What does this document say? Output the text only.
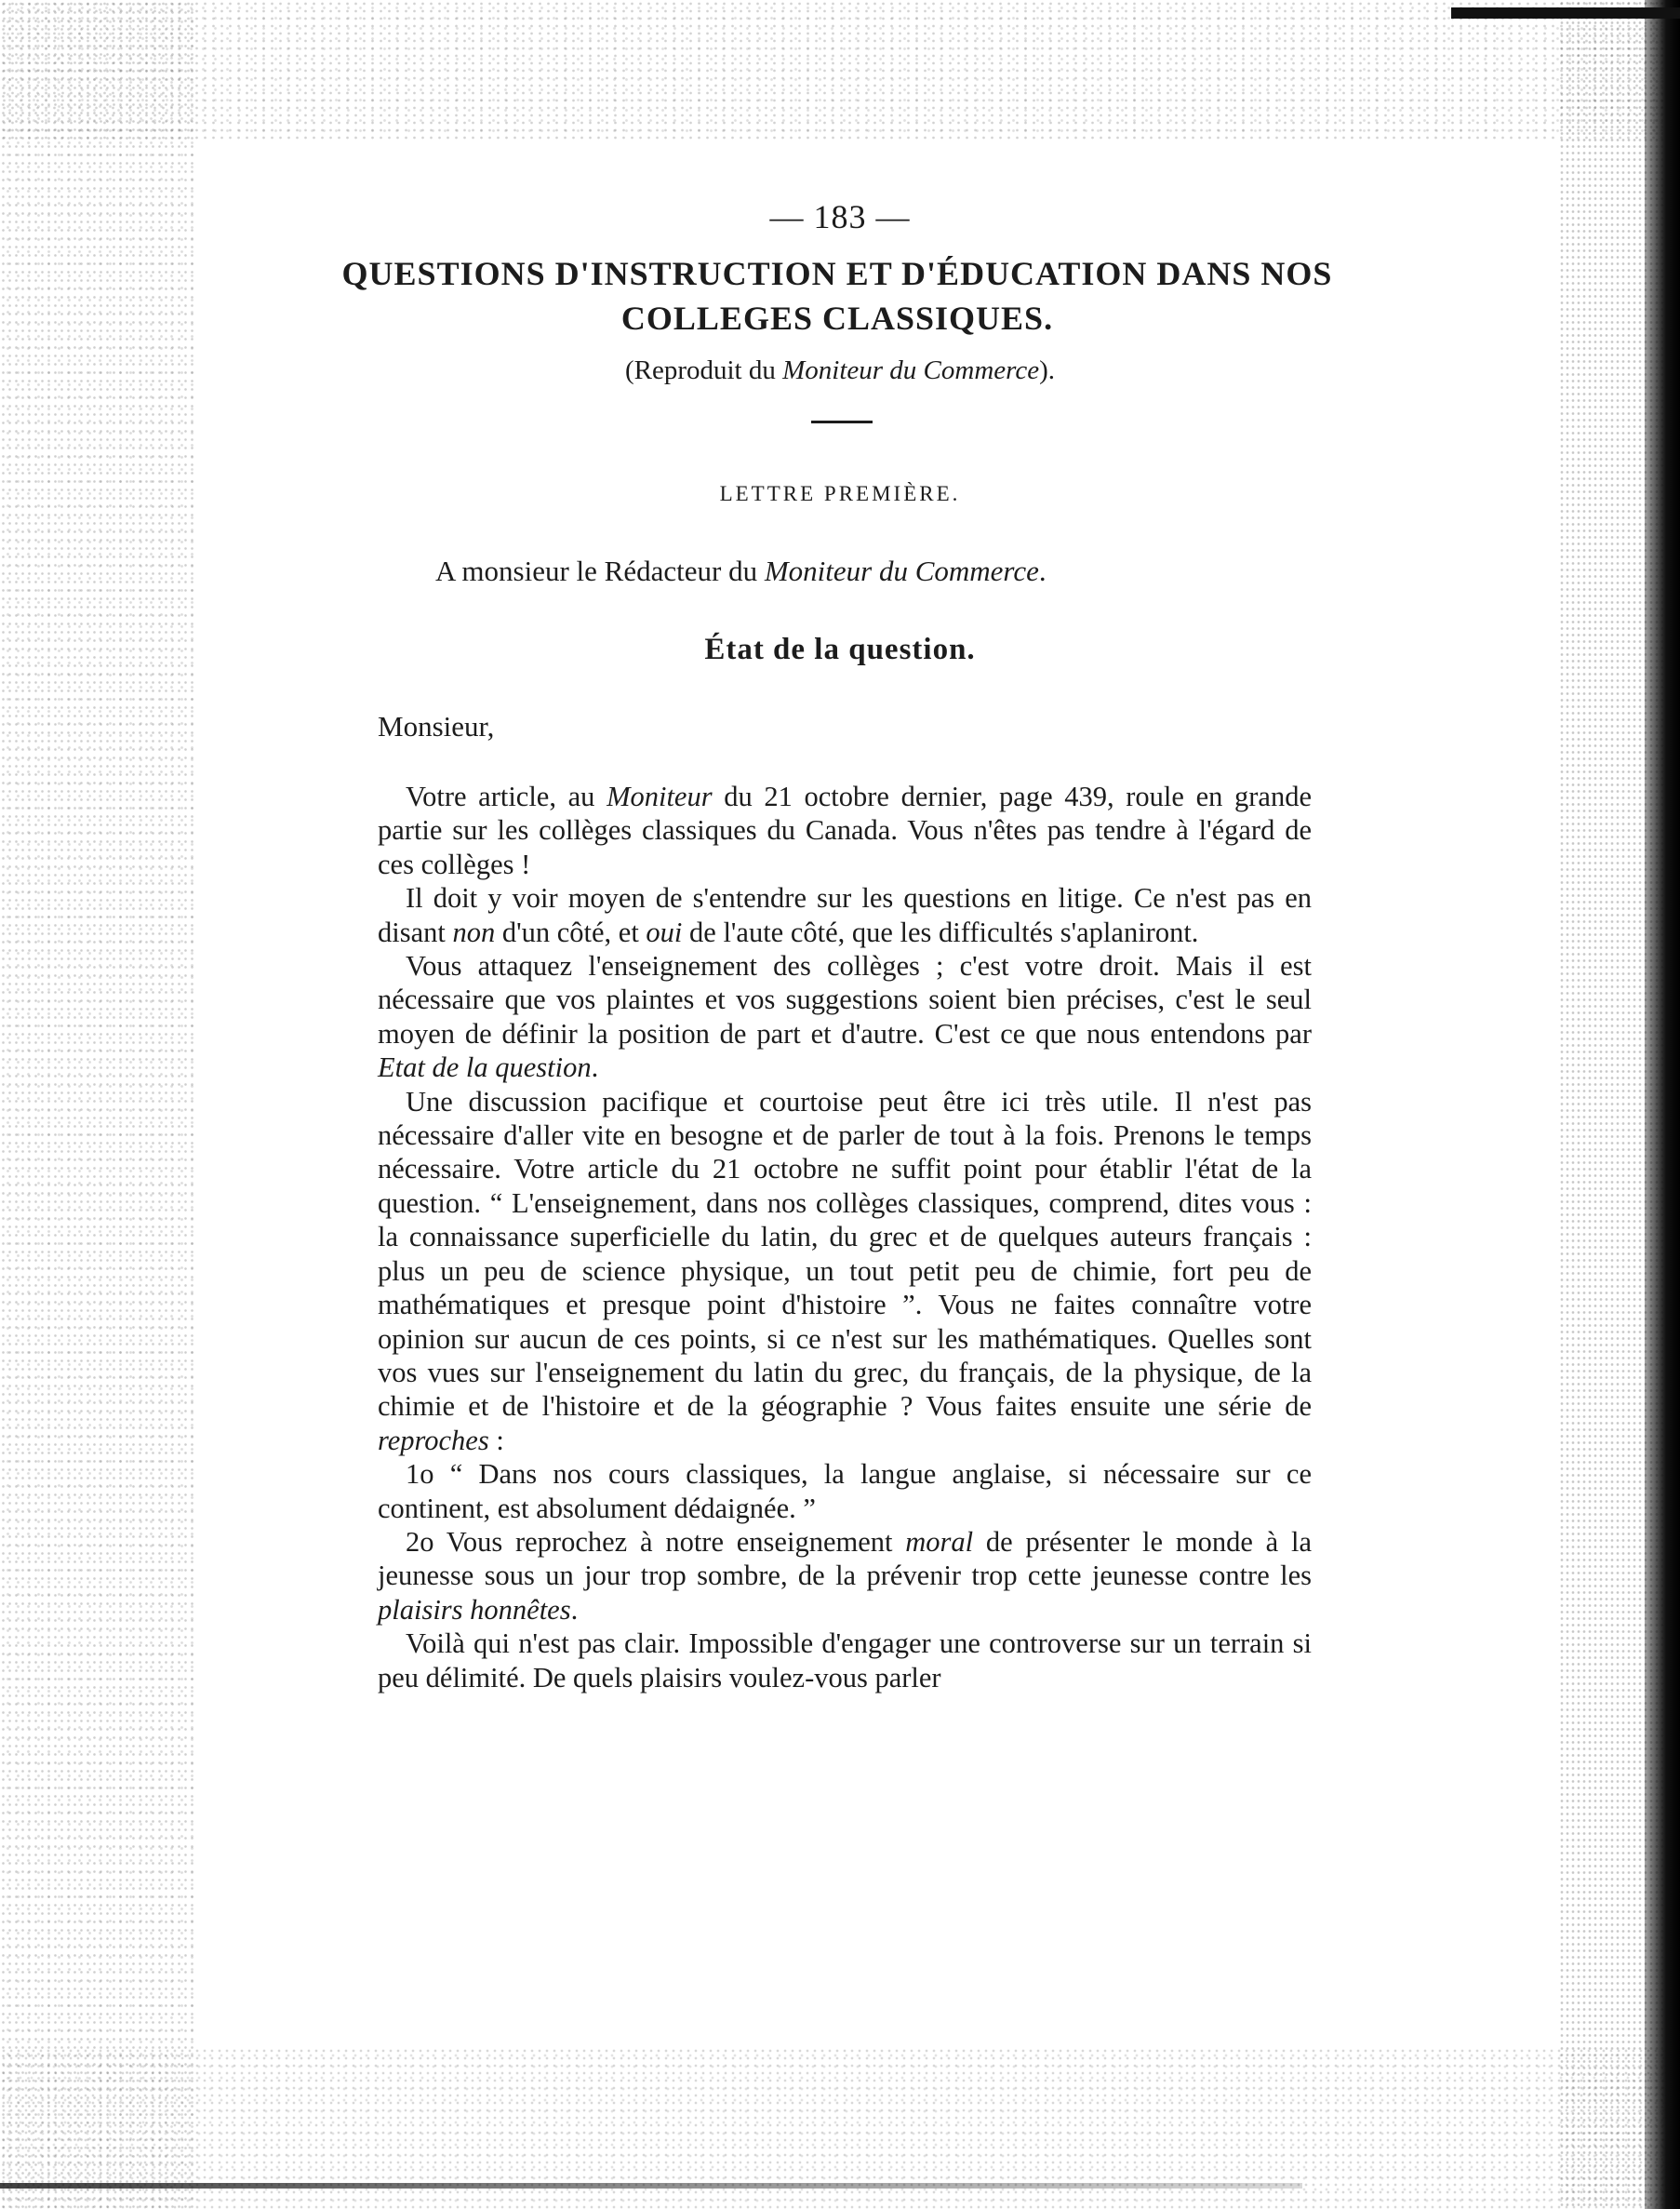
— 183 —
QUESTIONS D'INSTRUCTION ET D'ÉDUCATION DANS NOS
COLLEGES CLASSIQUES.
(Reproduit du Moniteur du Commerce).
LETTRE PREMIÈRE.
A monsieur le Rédacteur du Moniteur du Commerce.
État de la question.
Monsieur,

Votre article, au Moniteur du 21 octobre dernier, page 439, roule en grande partie sur les collèges classiques du Canada. Vous n'êtes pas tendre à l'égard de ces collèges !

Il doit y voir moyen de s'entendre sur les questions en litige. Ce n'est pas en disant non d'un côté, et oui de l'aute côté, que les difficultés s'aplaniront.

Vous attaquez l'enseignement des collèges ; c'est votre droit. Mais il est nécessaire que vos plaintes et vos suggestions soient bien précises, c'est le seul moyen de définir la position de part et d'autre. C'est ce que nous entendons par Etat de la question.

Une discussion pacifique et courtoise peut être ici très utile. Il n'est pas nécessaire d'aller vite en besogne et de parler de tout à la fois. Prenons le temps nécessaire. Votre article du 21 octobre ne suffit point pour établir l'état de la question. “ L'enseignement, dans nos collèges classiques, comprend, dites vous : la connaissance superficielle du latin, du grec et de quelques auteurs français : plus un peu de science physique, un tout petit peu de chimie, fort peu de mathématiques et presque point d'histoire ”. Vous ne faites connaître votre opinion sur aucun de ces points, si ce n'est sur les mathématiques. Quelles sont vos vues sur l'enseignement du latin du grec, du français, de la physique, de la chimie et de l'histoire et de la géographie ? Vous faites ensuite une série de reproches :

1o “ Dans nos cours classiques, la langue anglaise, si nécessaire sur ce continent, est absolument dédaignée. ”

2o Vous reprochez à notre enseignement moral de présenter le monde à la jeunesse sous un jour trop sombre, de la prévenir trop cette jeunesse contre les plaisirs honnêtes.

Voilà qui n'est pas clair. Impossible d'engager une controverse sur un terrain si peu délimité. De quels plaisirs voulez-vous parler
